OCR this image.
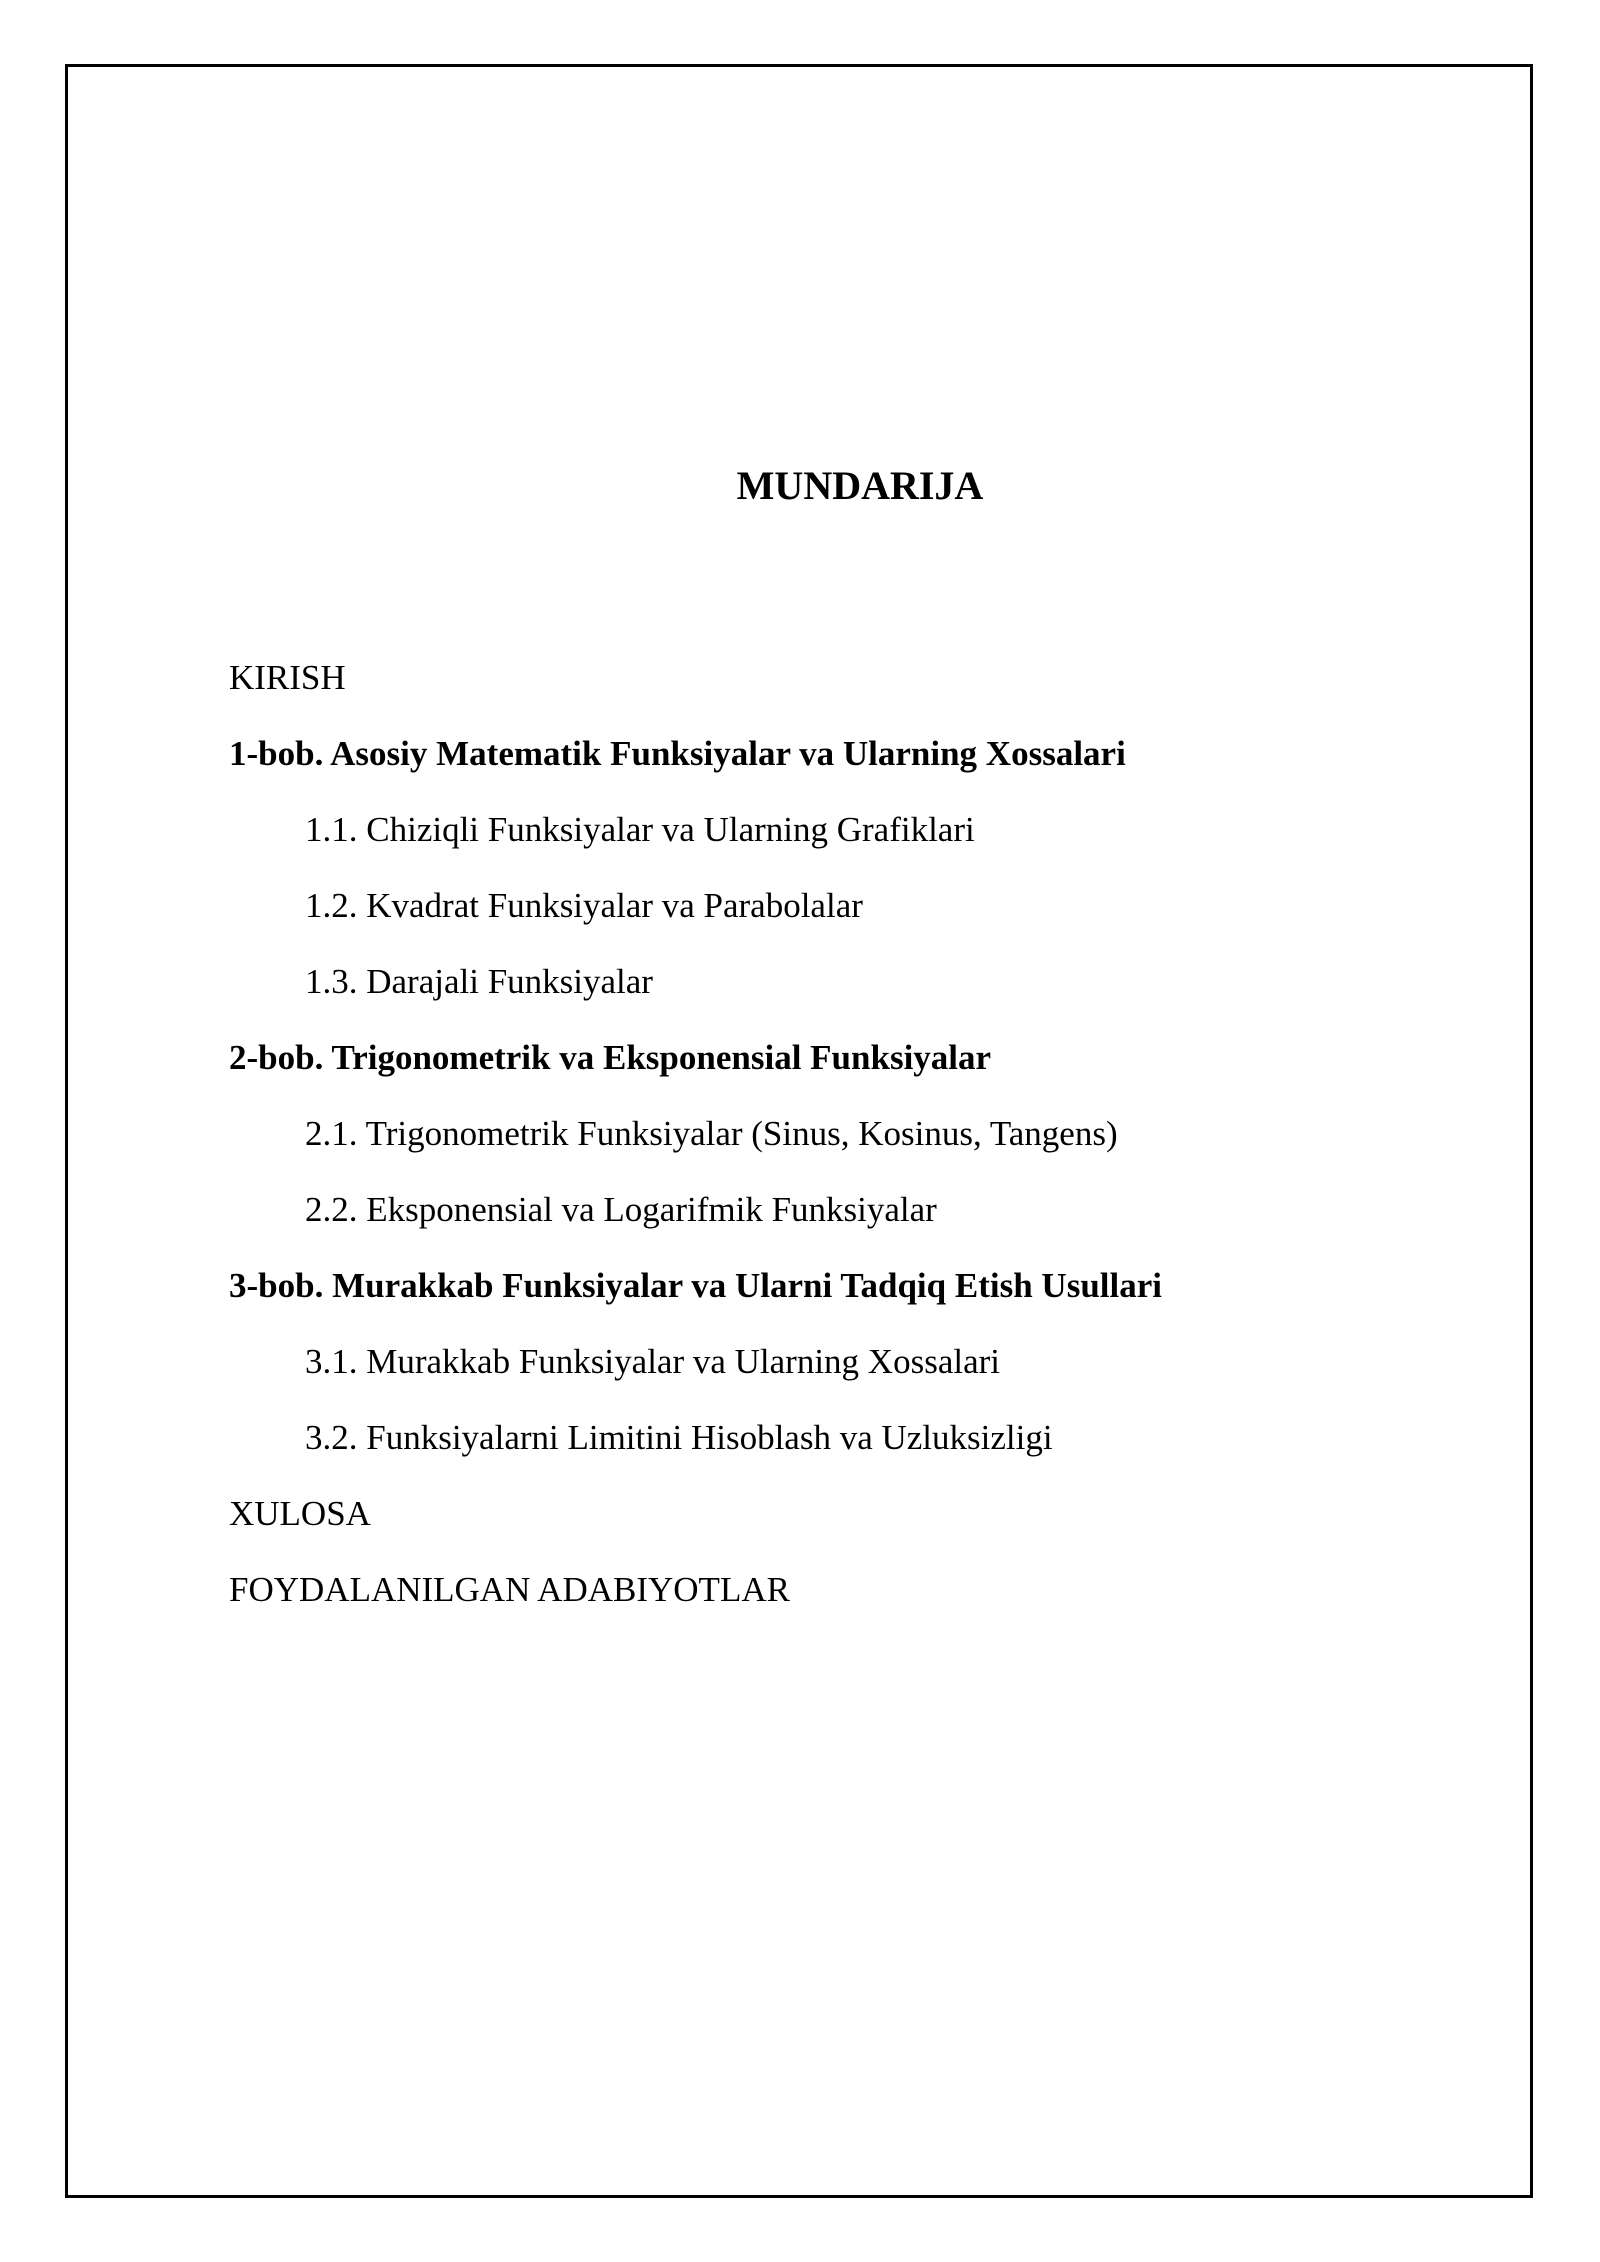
MUNDARIJA
KIRISH
1-bob. Asosiy Matematik Funksiyalar va Ularning Xossalari
1.1. Chiziqli Funksiyalar va Ularning Grafiklari
1.2. Kvadrat Funksiyalar va Parabolalar
1.3. Darajali Funksiyalar
2-bob. Trigonometrik va Eksponensial Funksiyalar
2.1. Trigonometrik Funksiyalar (Sinus, Kosinus, Tangens)
2.2. Eksponensial va Logarifmik Funksiyalar
3-bob. Murakkab Funksiyalar va Ularni Tadqiq Etish Usullari
3.1. Murakkab Funksiyalar va Ularning Xossalari
3.2. Funksiyalarni Limitini Hisoblash va Uzluksizligi
XULOSA
FOYDALANILGAN ADABIYOTLAR
